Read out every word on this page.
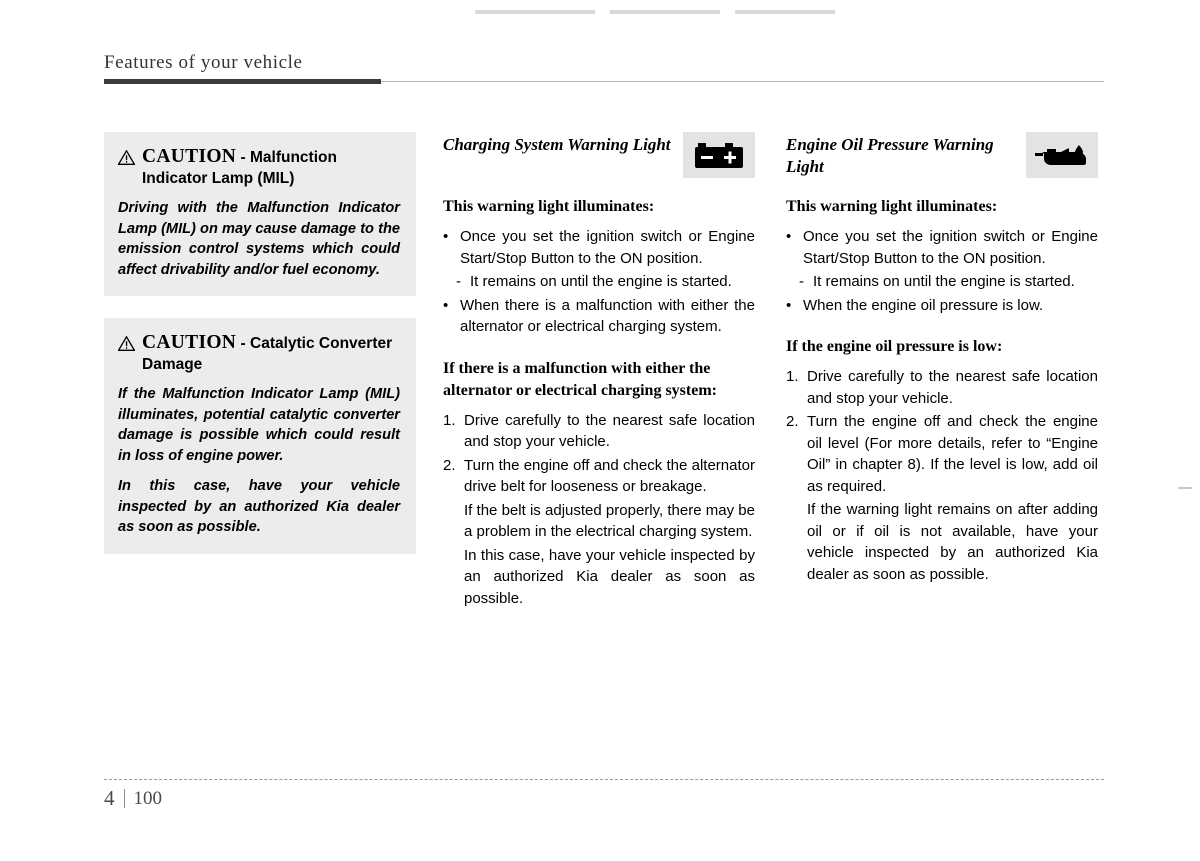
Features of your vehicle
CAUTION - Malfunction Indicator Lamp (MIL)

Driving with the Malfunction Indicator Lamp (MIL) on may cause damage to the emission control systems which could affect drivability and/or fuel economy.

CAUTION - Catalytic Converter Damage

If the Malfunction Indicator Lamp (MIL) illuminates, potential catalytic converter damage is possible which could result in loss of engine power.

In this case, have your vehicle inspected by an authorized Kia dealer as soon as possible.

Charging System Warning Light

This warning light illuminates:

• Once you set the ignition switch or Engine Start/Stop Button to the ON position.
- It remains on until the engine is started.
• When there is a malfunction with either the alternator or electrical charging system.

If there is a malfunction with either the alternator or electrical charging system:

1. Drive carefully to the nearest safe location and stop your vehicle.
2. Turn the engine off and check the alternator drive belt for looseness or breakage.

If the belt is adjusted properly, there may be a problem in the electrical charging system.

In this case, have your vehicle inspected by an authorized Kia dealer as soon as possible.

Engine Oil Pressure Warning Light

This warning light illuminates:

• Once you set the ignition switch or Engine Start/Stop Button to the ON position.
- It remains on until the engine is started.
• When the engine oil pressure is low.

If the engine oil pressure is low:

1. Drive carefully to the nearest safe location and stop your vehicle.
2. Turn the engine off and check the engine oil level (For more details, refer to “Engine Oil” in chapter 8). If the level is low, add oil as required.

If the warning light remains on after adding oil or if oil is not available, have your vehicle inspected by an authorized Kia dealer as soon as possible.

4 100
